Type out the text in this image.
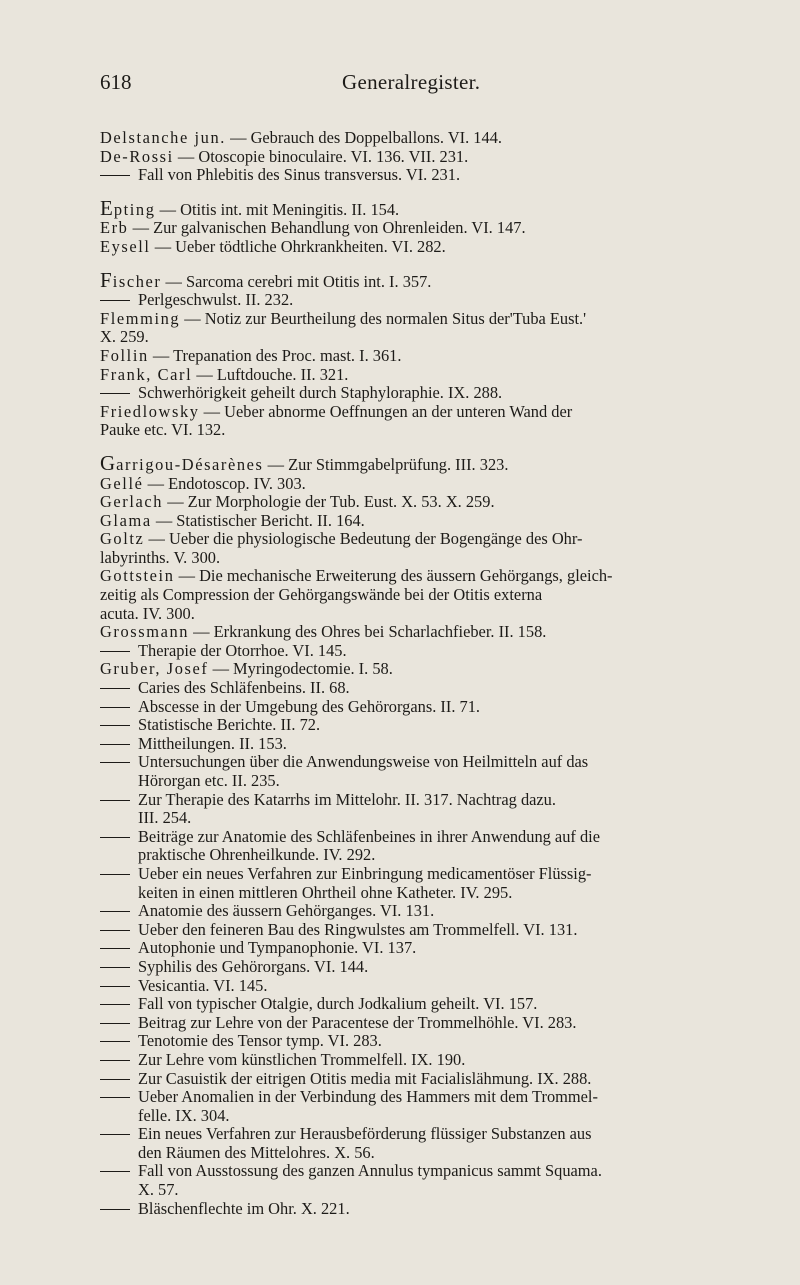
618	Generalregister.
Delstanche jun. — Gebrauch des Doppelballons. VI. 144.
De-Rossi — Otoscopie binoculaire. VI. 136. VII. 231.
Fall von Phlebitis des Sinus transversus. VI. 231.
Epting — Otitis int. mit Meningitis. II. 154.
Erb — Zur galvanischen Behandlung von Ohrenleiden. VI. 147.
Eysell — Ueber tödtliche Ohrkrankheiten. VI. 282.
Fischer — Sarcoma cerebri mit Otitis int. I. 357.
Perlgeschwulst. II. 232.
Flemming — Notiz zur Beurtheilung des normalen Situs der'Tuba Eust.'
X. 259.
Follin — Trepanation des Proc. mast. I. 361.
Frank, Carl — Luftdouche. II. 321.
Schwerhörigkeit geheilt durch Staphyloraphie. IX. 288.
Friedlowsky — Ueber abnorme Oeffnungen an der unteren Wand der
Pauke etc. VI. 132.
Garrigou-Désarènes — Zur Stimmgabelprüfung. III. 323.
Gellé — Endotoscop. IV. 303.
Gerlach — Zur Morphologie der Tub. Eust. X. 53. X. 259.
Glama — Statistischer Bericht. II. 164.
Goltz — Ueber die physiologische Bedeutung der Bogengänge des Ohr-
labyrinths. V. 300.
Gottstein — Die mechanische Erweiterung des äussern Gehörgangs, gleich-
zeitig als Compression der Gehörgangswände bei der Otitis externa
acuta. IV. 300.
Grossmann — Erkrankung des Ohres bei Scharlachfieber. II. 158.
Therapie der Otorrhoe. VI. 145.
Gruber, Josef — Myringodectomie. I. 58.
Caries des Schläfenbeins. II. 68.
Abscesse in der Umgebung des Gehörorgans. II. 71.
Statistische Berichte. II. 72.
Mittheilungen. II. 153.
Untersuchungen über die Anwendungsweise von Heilmitteln auf das
Hörorgan etc. II. 235.
Zur Therapie des Katarrhs im Mittelohr. II. 317. Nachtrag dazu.
III. 254.
Beiträge zur Anatomie des Schläfenbeines in ihrer Anwendung auf die
praktische Ohrenheilkunde. IV. 292.
Ueber ein neues Verfahren zur Einbringung medicamentöser Flüssig-
keiten in einen mittleren Ohrtheil ohne Katheter. IV. 295.
Anatomie des äussern Gehörganges. VI. 131.
Ueber den feineren Bau des Ringwulstes am Trommelfell. VI. 131.
Autophonie und Tympanophonie. VI. 137.
Syphilis des Gehörorgans. VI. 144.
Vesicantia. VI. 145.
Fall von typischer Otalgie, durch Jodkalium geheilt. VI. 157.
Beitrag zur Lehre von der Paracentese der Trommelhöhle. VI. 283.
Tenotomie des Tensor tymp. VI. 283.
Zur Lehre vom künstlichen Trommelfell. IX. 190.
Zur Casuistik der eitrigen Otitis media mit Facialislähmung. IX. 288.
Ueber Anomalien in der Verbindung des Hammers mit dem Trommel-
felle. IX. 304.
Ein neues Verfahren zur Herausbeförderung flüssiger Substanzen aus
den Räumen des Mittelohres. X. 56.
Fall von Ausstossung des ganzen Annulus tympanicus sammt Squama.
X. 57.
Bläschenflechte im Ohr. X. 221.
